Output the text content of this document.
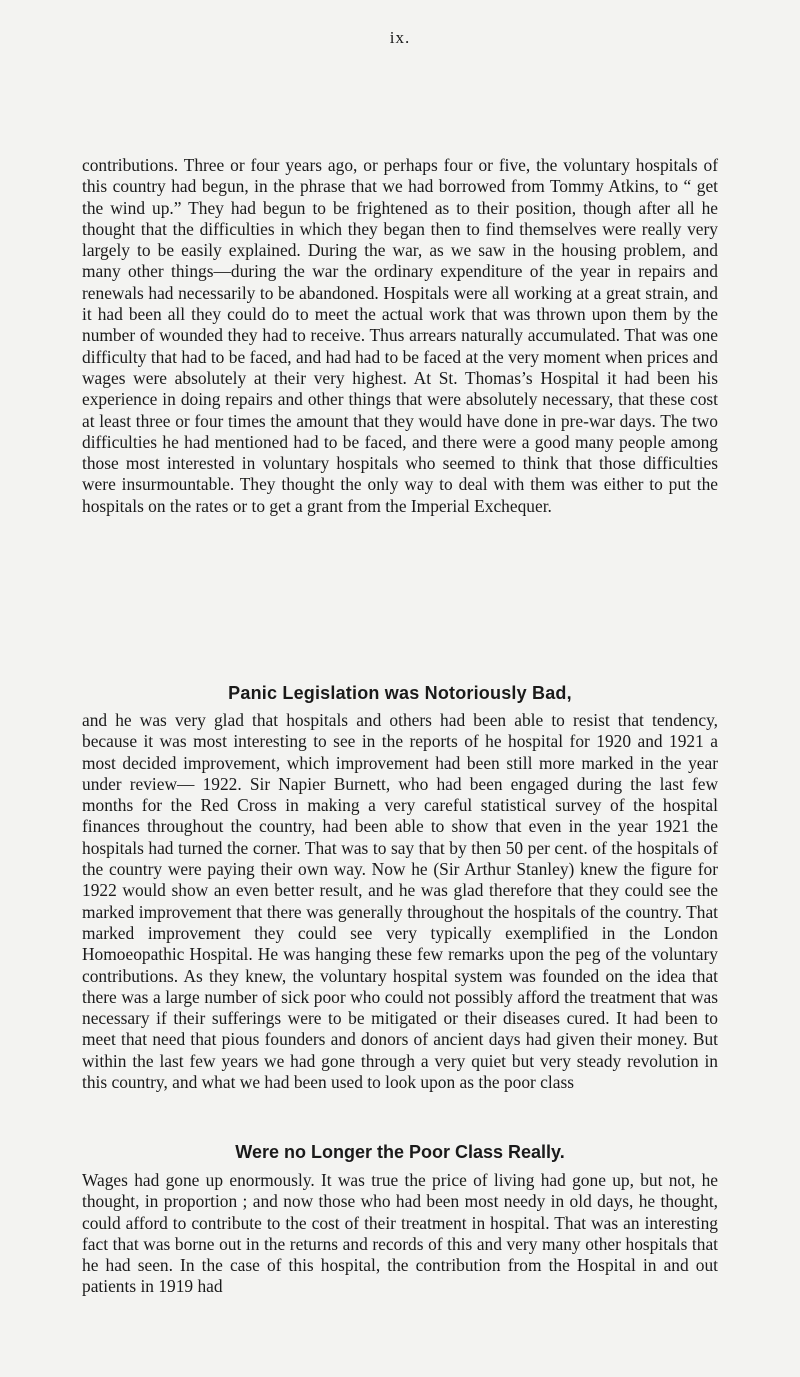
ix.

contributions. Three or four years ago, or perhaps four or five, the voluntary hospitals of this country had begun, in the phrase that we had borrowed from Tommy Atkins, to “ get the wind up.” They had begun to be frightened as to their position, though after all he thought that the difficulties in which they began then to find themselves were really very largely to be easily explained. During the war, as we saw in the housing problem, and many other things—during the war the ordinary expenditure of the year in repairs and renewals had necessarily to be abandoned. Hospitals were all working at a great strain, and it had been all they could do to meet the actual work that was thrown upon them by the number of wounded they had to receive. Thus arrears naturally accumulated. That was one difficulty that had to be faced, and had had to be faced at the very moment when prices and wages were absolutely at their very highest. At St. Thomas’s Hospital it had been his experience in doing repairs and other things that were absolutely necessary, that these cost at least three or four times the amount that they would have done in pre-war days. The two difficulties he had mentioned had to be faced, and there were a good many people among those most interested in voluntary hospitals who seemed to think that those difficulties were insurmountable. They thought the only way to deal with them was either to put the hospitals on the rates or to get a grant from the Imperial Exchequer.

Panic Legislation was Notoriously Bad,

and he was very glad that hospitals and others had been able to resist that tendency, because it was most interesting to see in the reports of he hospital for 1920 and 1921 a most decided improvement, which improvement had been still more marked in the year under review— 1922. Sir Napier Burnett, who had been engaged during the last few months for the Red Cross in making a very careful statistical survey of the hospital finances throughout the country, had been able to show that even in the year 1921 the hospitals had turned the corner. That was to say that by then 50 per cent. of the hospitals of the country were paying their own way. Now he (Sir Arthur Stanley) knew the figure for 1922 would show an even better result, and he was glad therefore that they could see the marked improvement that there was generally throughout the hospitals of the country. That marked improvement they could see very typically exemplified in the London Homoeopathic Hospital. He was hanging these few remarks upon the peg of the voluntary contributions. As they knew, the voluntary hospital system was founded on the idea that there was a large number of sick poor who could not possibly afford the treatment that was necessary if their sufferings were to be mitigated or their diseases cured. It had been to meet that need that pious founders and donors of ancient days had given their money. But within the last few years we had gone through a very quiet but very steady revolution in this country, and what we had been used to look upon as the poor class

Were no Longer the Poor Class Really.

Wages had gone up enormously. It was true the price of living had gone up, but not, he thought, in proportion ; and now those who had been most needy in old days, he thought, could afford to contribute to the cost of their treatment in hospital. That was an interesting fact that was borne out in the returns and records of this and very many other hospitals that he had seen. In the case of this hospital, the contribution from the Hospital in and out patients in 1919 had
